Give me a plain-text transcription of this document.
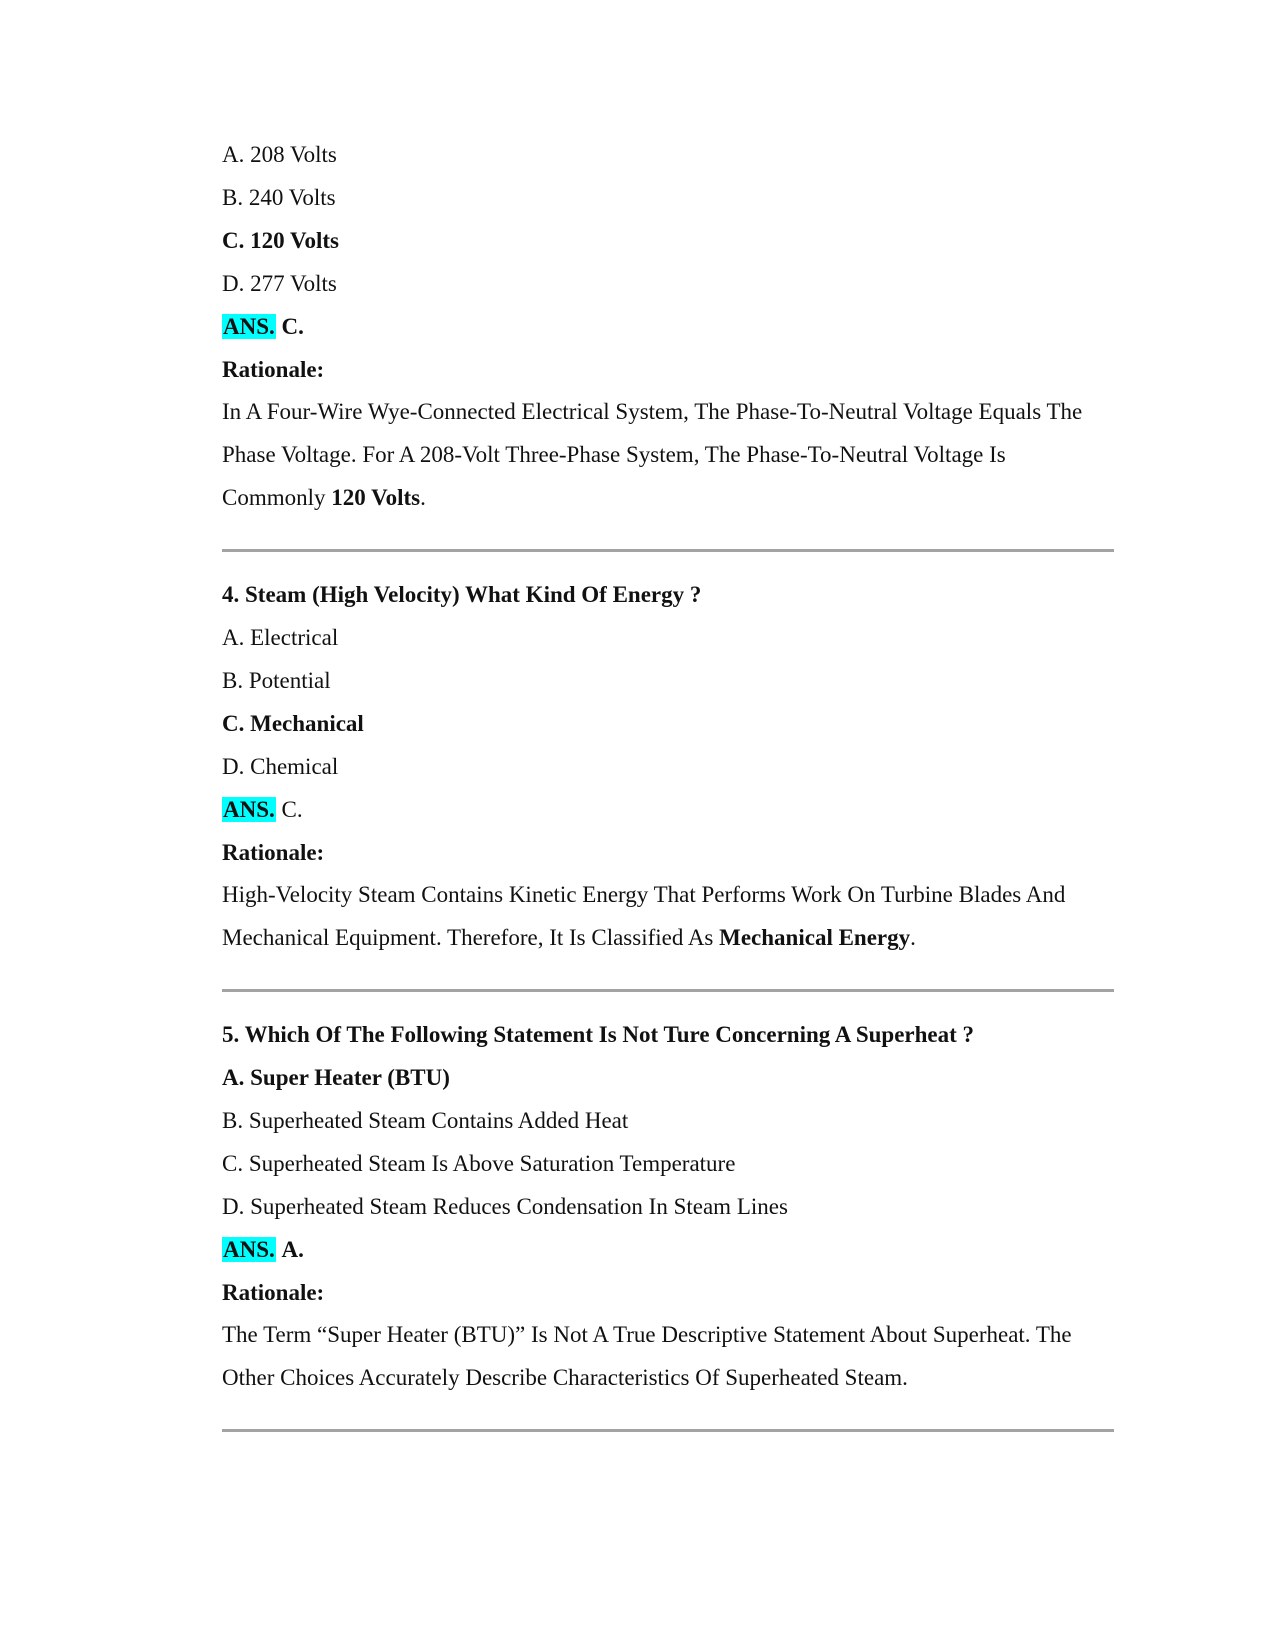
A. 208 Volts
B. 240 Volts
C. 120 Volts
D. 277 Volts
ANS. C.
Rationale:

In A Four-Wire Wye-Connected Electrical System, The Phase-To-Neutral Voltage Equals The Phase Voltage. For A 208-Volt Three-Phase System, The Phase-To-Neutral Voltage Is Commonly 120 Volts.

4. Steam (High Velocity) What Kind Of Energy ?
A. Electrical
B. Potential
C. Mechanical
D. Chemical
ANS. C.
Rationale:

High-Velocity Steam Contains Kinetic Energy That Performs Work On Turbine Blades And Mechanical Equipment. Therefore, It Is Classified As Mechanical Energy.

5. Which Of The Following Statement Is Not Ture Concerning A Superheat ?
A. Super Heater (BTU)
B. Superheated Steam Contains Added Heat
C. Superheated Steam Is Above Saturation Temperature
D. Superheated Steam Reduces Condensation In Steam Lines
ANS. A.
Rationale:

The Term “Super Heater (BTU)” Is Not A True Descriptive Statement About Superheat. The Other Choices Accurately Describe Characteristics Of Superheated Steam.
